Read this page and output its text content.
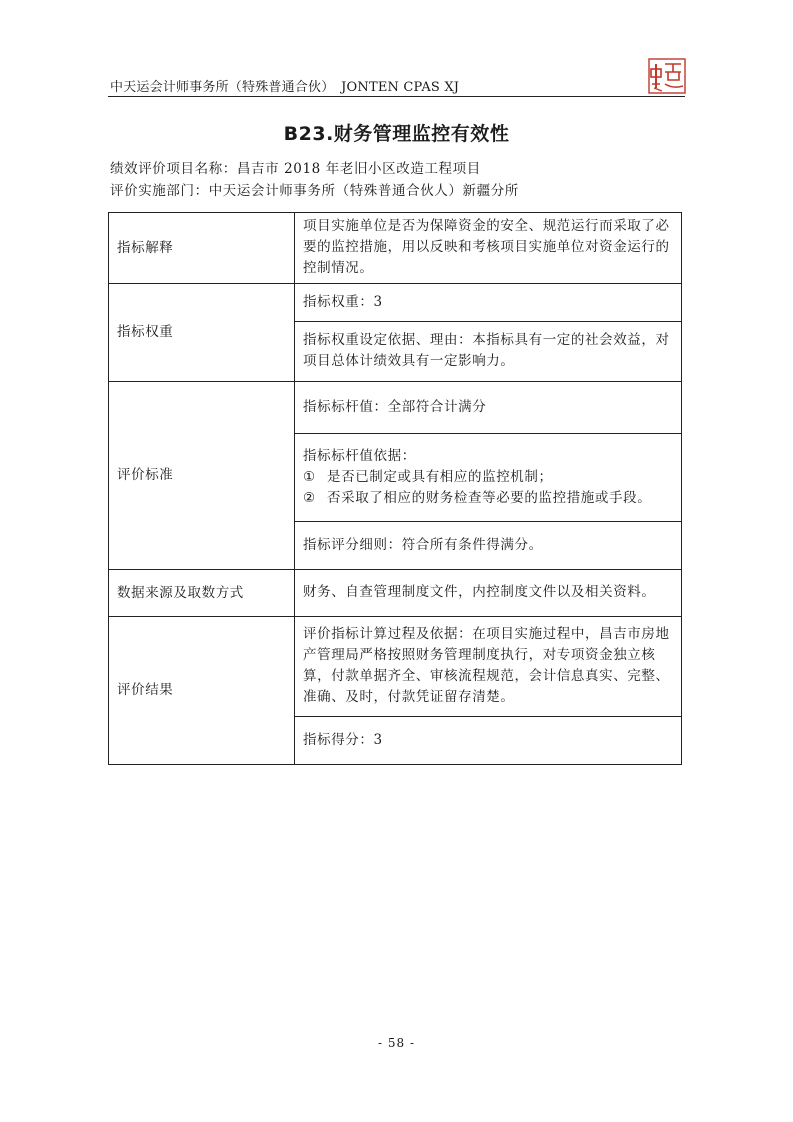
中天运会计师事务所（特殊普通合伙）　JONTEN CPAS XJ
B23.财务管理监控有效性
绩效评价项目名称：昌吉市 2018 年老旧小区改造工程项目
评价实施部门：中天运会计师事务所（特殊普通合伙人）新疆分所
指标解释	项目实施单位是否为保障资金的安全、规范运行而采取了必要的监控措施，用以反映和考核项目实施单位对资金运行的控制情况。
指标权重	指标权重：3
	指标权重设定依据、理由：本指标具有一定的社会效益，对项目总体计绩效具有一定影响力。
评价标准	指标标杆值：全部符合计满分

	指标标杆值依据：
① 是否已制定或具有相应的监控机制；
② 否采取了相应的财务检查等必要的监控措施或手段。

	指标评分细则：符合所有条件得满分。
数据来源及取数方式	财务、自查管理制度文件，内控制度文件以及相关资料。
评价结果	评价指标计算过程及依据：在项目实施过程中，昌吉市房地产管理局严格按照财务管理制度执行，对专项资金独立核算，付款单据齐全、审核流程规范，会计信息真实、完整、准确、及时，付款凭证留存清楚。
	指标得分：3
- 58 -
